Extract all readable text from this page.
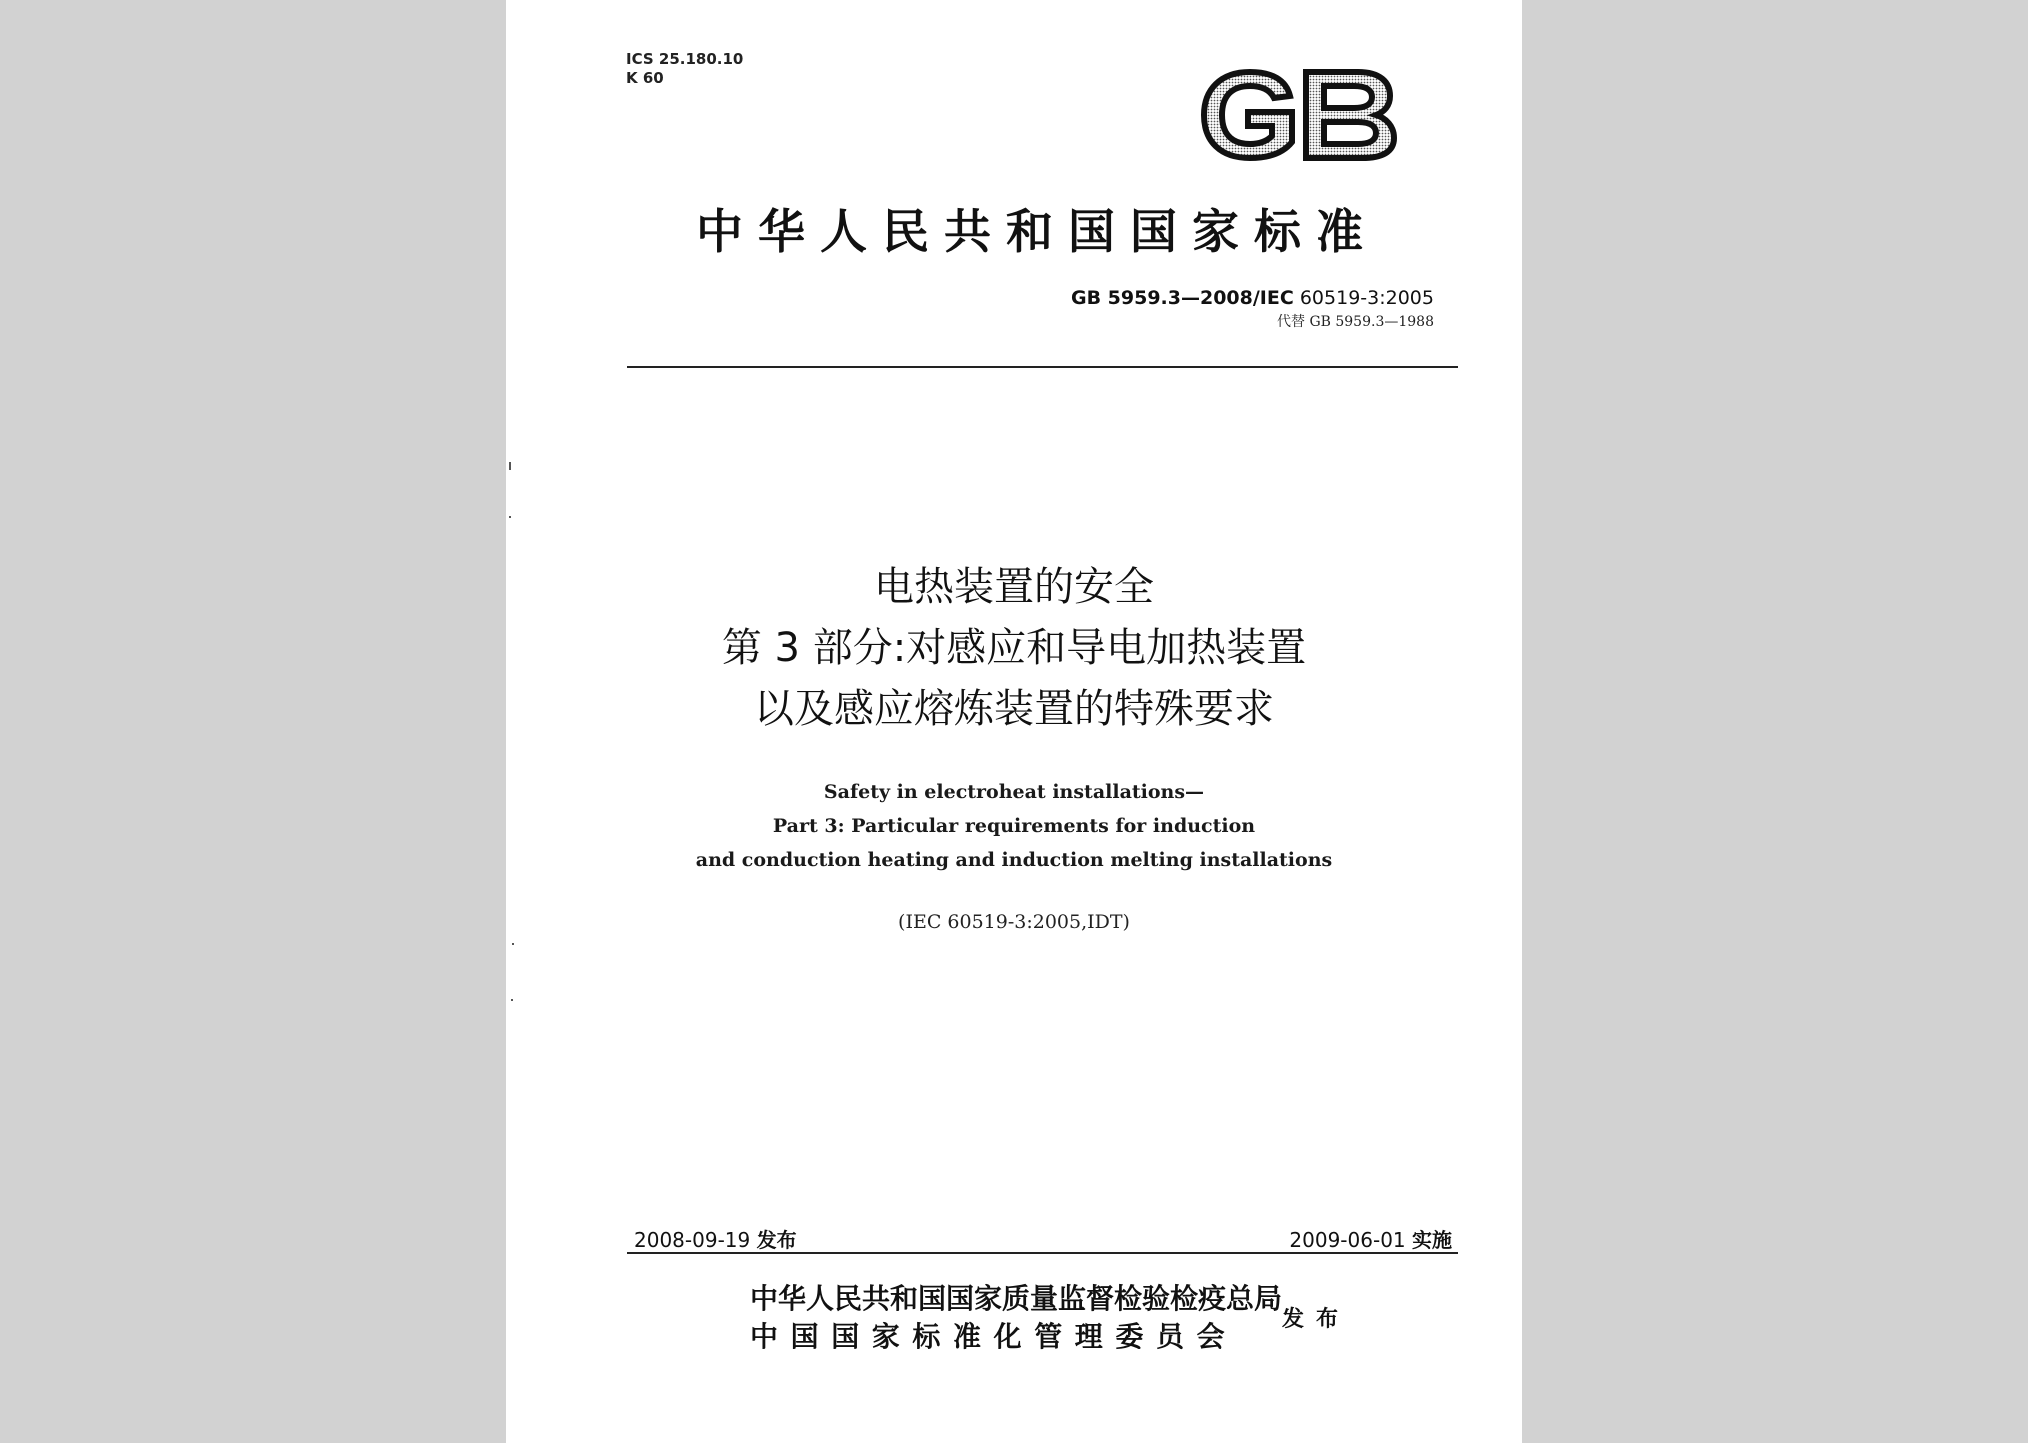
ICS 25.180.10
K 60
中华人民共和国国家标准
GB 5959.3—2008/IEC 60519-3:2005
代替 GB 5959.3—1988
电热装置的安全
第 3 部分:对感应和导电加热装置
以及感应熔炼装置的特殊要求
Safety in electroheat installations—
Part 3: Particular requirements for induction
and conduction heating and induction melting installations
(IEC 60519-3:2005,IDT)
2008-09-19 发布	2009-06-01 实施
中华人民共和国国家质量监督检验检疫总局
中国国家标准化管理委员会
发布
